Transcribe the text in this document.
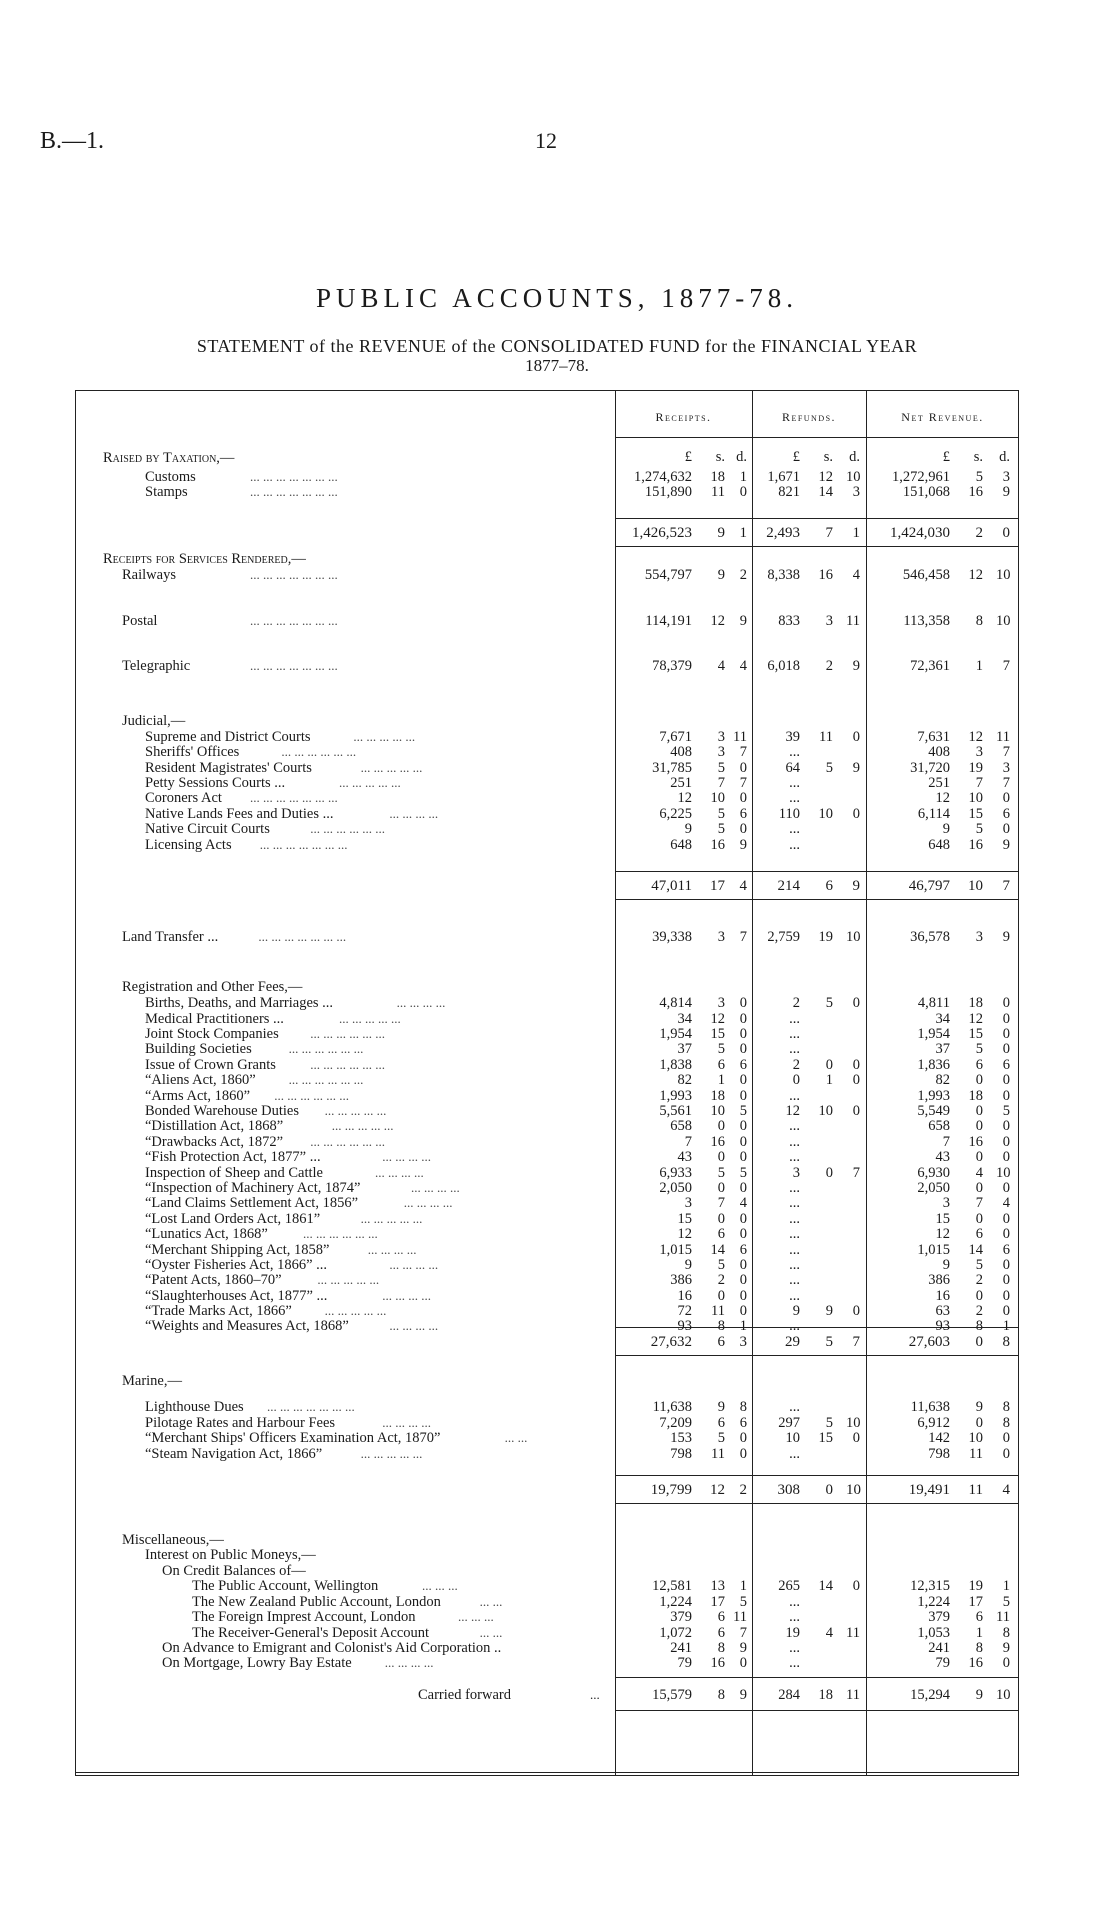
B.—1.	12
PUBLIC ACCOUNTS, 1877-78.
STATEMENT of the REVENUE of the CONSOLIDATED FUND for the FINANCIAL YEAR
1877–78.
Receipts.	Refunds.	Net Revenue.
£	s. d.	£	s. d.	£	s. d.
Raised by Taxation,—
Customs	... ... ... ... ... ... ...	1,274,632	18	1	1,671	12 10	1,272,961	5	3
Stamps	... ... ... ... ... ... ...	151,890	11	0	821	14	3	151,068	16	9
1,426,523	9 1	2,493	7	1	1,424,030	2	0
Receipts for Services Rendered,—
Railways	... ... ... ... ... ... ...	554,797	9	2	8,338	16	4	546,458	12 10
Postal	... ... ... ... ... ... ...	114,191	12	9	833	3 11	113,358	8 10
Telegraphic	... ... ... ... ... ... ...	78,379	4	4	6,018	2	9	72,361	1	7
Judicial,—
Supreme and District Courts	... ... ... ... ...	7,671	3 11	39	11	0	7,631	12 11
Sheriffs' Offices	... ... ... ... ... ...	408	3	7	...	408	3	7
Resident Magistrates' Courts	... ... ... ... ...	31,785	5	0	64	5	9	31,720	19	3
Petty Sessions Courts ...	... ... ... ... ...	251	7	7	...	251	7	7
Coroners Act ... ... ... ... ... ... ...	12	10	0	...	12	10	0
Native Lands Fees and Duties ...	... ... ... ...	6,225	5	6	110	10	0	6,114	15	6
Native Circuit Courts	... ... ... ... ... ...	9	5	0	...	9	5	0
Licensing Acts ... ... ... ... ... ... ...	648	16	9	...	648	16	9
47,011	17 4	214	6	9	46,797	10	7
Land Transfer ...	... ... ... ... ... ... ...	39,338	3	7	2,759	19 10	36,578	3	9
Registration and Other Fees,—
Births, Deaths, and Marriages ...	... ... ... ...	4,814	3	0	2	5	0	4,811	18	0
Medical Practitioners ...	... ... ... ... ...	34	12	0	...	34	12	0
Joint Stock Companies ... ... ... ... ... ...	1,954	15	0	...	1,954	15	0
Building Societies	... ... ... ... ... ...	37	5	0	...	37	5	0
Issue of Crown Grants	... ... ... ... ... ...	1,838	6	6	2	0	0	1,836	6	6
“Aliens Act, 1860”	... ... ... ... ... ...	82	1	0	0	1	0	82	0	0
“Arms Act, 1860” ... ... ... ... ... ...	1,993	18	0	...	1,993	18	0
Bonded Warehouse Duties ... ... ... ... ...	5,561	10	5	12	10	0	5,549	0	5
“Distillation Act, 1868”	... ... ... ... ...	658	0	0	...	658	0	0
“Drawbacks Act, 1872” ... ... ... ... ... ...	7	16	0	...	7	16	0
“Fish Protection Act, 1877” ...	... ... ... ...	43	0	0	...	43	0	0
Inspection of Sheep and Cattle	... ... ... ...	6,933	5	5	3	0	7	6,930	4 10
“Inspection of Machinery Act, 1874”	... ... ... ...	2,050	0	0	...	2,050	0	0
“Land Claims Settlement Act, 1856”	... ... ... ...	3	7	4	...	3	7	4
“Lost Land Orders Act, 1861”	... ... ... ... ...	15	0	0	...	15	0	0
“Lunatics Act, 1868”	... ... ... ... ... ...	12	6	0	...	12	6	0
“Merchant Shipping Act, 1858”	... ... ... ...	1,015	14	6	...	1,015	14	6
“Oyster Fisheries Act, 1866” ...	... ... ... ...	9	5	0	...	9	5	0
“Patent Acts, 1860–70”	... ... ... ... ...	386	2	0	...	386	2	0
“Slaughterhouses Act, 1877” ...	... ... ... ...	16	0	0	...	16	0	0
“Trade Marks Act, 1866”	... ... ... ... ...	72	11	0	9	9	0	63	2	0
“Weights and Measures Act, 1868”	... ... ... ...	93	8	1	...	93	8	1
27,632	6 3	29	5	7	27,603	0	8
Marine,—
Lighthouse Dues ... ... ... ... ... ... ...	11,638	9	8	...	11,638	9	8
Pilotage Rates and Harbour Fees	... ... ... ...	7,209	6	6	297	5 10	6,912	0	8
“Merchant Ships' Officers Examination Act, 1870”	... ...	153	5	0	10	15	0	142	10	0
“Steam Navigation Act, 1866”	... ... ... ... ...	798	11	0	...	798	11	0
19,799	12 2	308	0 10	19,491	11	4
Miscellaneous,—
Interest on Public Moneys,—
On Credit Balances of—
The Public Account, Wellington	... ... ...	12,581	13	1	265	14	0	12,315	19	1
The New Zealand Public Account, London	... ...	1,224	17	5	...	1,224	17	5
The Foreign Imprest Account, London	... ... ...	379	6 11	...	379	6 11
The Receiver-General's Deposit Account	... ...	1,072	6	7	19	4 11	1,053	1	8
On Advance to Emigrant and Colonist's Aid Corporation ..	241	8	9	...	241	8	9
On Mortgage, Lowry Bay Estate	... ... ... ...	79	16	0	...	79	16	0
Carried forward	...	15,579	8	9	284	18 11	15,294	9 10
